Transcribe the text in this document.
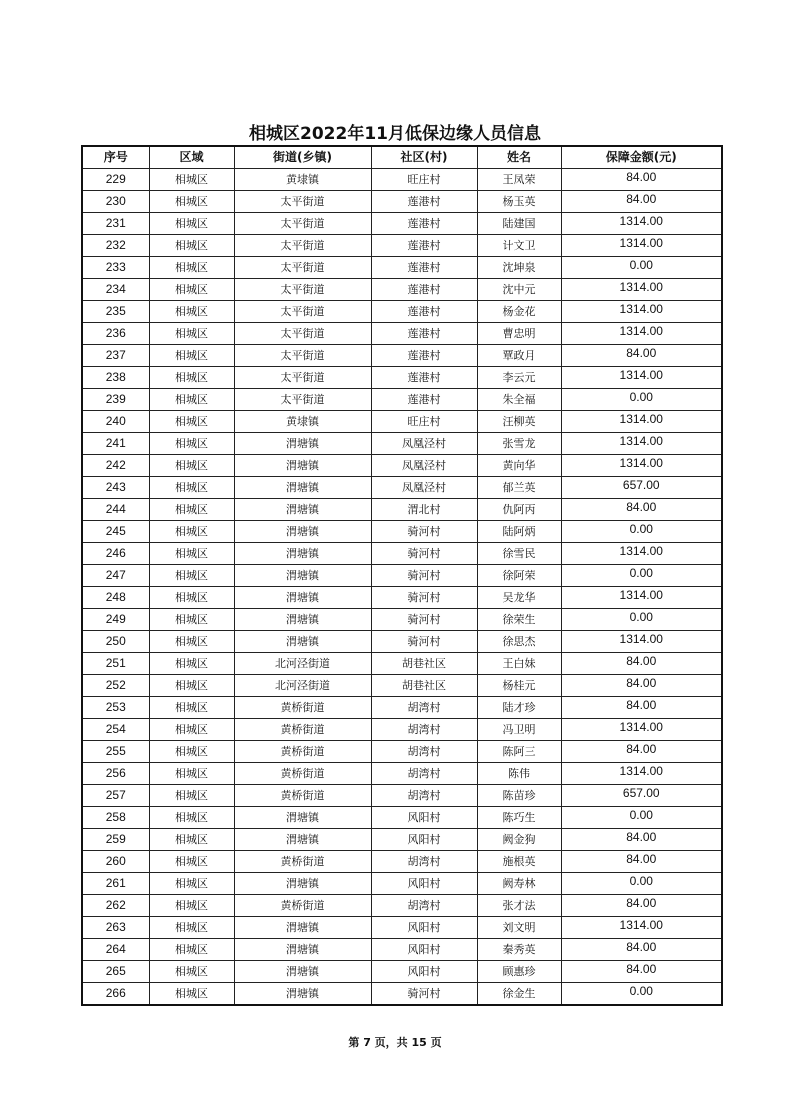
相城区2022年11月低保边缘人员信息
序号	区域	街道(乡镇)	社区(村)	姓名	保障金额(元)
229	相城区	黄埭镇	旺庄村	王凤荣	84.00
230	相城区	太平街道	莲港村	杨玉英	84.00
231	相城区	太平街道	莲港村	陆建国	1314.00
232	相城区	太平街道	莲港村	计文卫	1314.00
233	相城区	太平街道	莲港村	沈坤泉	0.00
234	相城区	太平街道	莲港村	沈中元	1314.00
235	相城区	太平街道	莲港村	杨金花	1314.00
236	相城区	太平街道	莲港村	曹忠明	1314.00
237	相城区	太平街道	莲港村	覃政月	84.00
238	相城区	太平街道	莲港村	李云元	1314.00
239	相城区	太平街道	莲港村	朱全福	0.00
240	相城区	黄埭镇	旺庄村	汪柳英	1314.00
241	相城区	渭塘镇	凤凰泾村	张雪龙	1314.00
242	相城区	渭塘镇	凤凰泾村	黄向华	1314.00
243	相城区	渭塘镇	凤凰泾村	郁兰英	657.00
244	相城区	渭塘镇	渭北村	仇阿丙	84.00
245	相城区	渭塘镇	骑河村	陆阿炳	0.00
246	相城区	渭塘镇	骑河村	徐雪民	1314.00
247	相城区	渭塘镇	骑河村	徐阿荣	0.00
248	相城区	渭塘镇	骑河村	吴龙华	1314.00
249	相城区	渭塘镇	骑河村	徐荣生	0.00
250	相城区	渭塘镇	骑河村	徐思杰	1314.00
251	相城区	北河泾街道	胡巷社区	王白妹	84.00
252	相城区	北河泾街道	胡巷社区	杨桂元	84.00
253	相城区	黄桥街道	胡湾村	陆才珍	84.00
254	相城区	黄桥街道	胡湾村	冯卫明	1314.00
255	相城区	黄桥街道	胡湾村	陈阿三	84.00
256	相城区	黄桥街道	胡湾村	陈伟	1314.00
257	相城区	黄桥街道	胡湾村	陈苗珍	657.00
258	相城区	渭塘镇	风阳村	陈巧生	0.00
259	相城区	渭塘镇	风阳村	阙金狗	84.00
260	相城区	黄桥街道	胡湾村	施根英	84.00
261	相城区	渭塘镇	风阳村	阙寿林	0.00
262	相城区	黄桥街道	胡湾村	张才法	84.00
263	相城区	渭塘镇	风阳村	刘文明	1314.00
264	相城区	渭塘镇	风阳村	秦秀英	84.00
265	相城区	渭塘镇	风阳村	顾惠珍	84.00
266	相城区	渭塘镇	骑河村	徐金生	0.00
第 7 页，共 15 页
